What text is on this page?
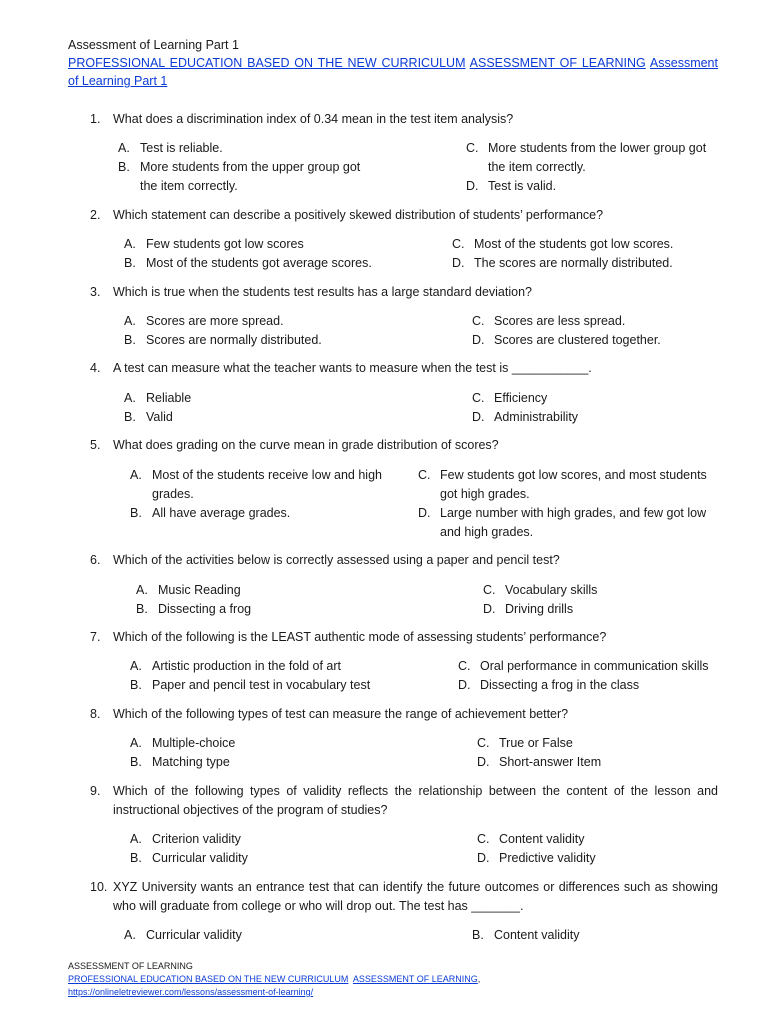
Assessment of Learning Part 1
PROFESSIONAL EDUCATION BASED ON THE NEW CURRICULUM ASSESSMENT OF LEARNING Assessment of Learning Part 1
1.	What does a discrimination index of 0.34 mean in the test item analysis?
A. Test is reliable.
B. More students from the upper group got
the item correctly.
C. More students from the lower group got
the item correctly.
D. Test is valid.
2.	Which statement can describe a positively skewed distribution of students’ performance?
A. Few students got low scores
B. Most of the students got average scores.
C. Most of the students got low scores.
D. The scores are normally distributed.
3.	Which is true when the students test results has a large standard deviation?
A. Scores are more spread.
B. Scores are normally distributed.
C. Scores are less spread.
D. Scores are clustered together.
4.	A test can measure what the teacher wants to measure when the test is ___________.
A. Reliable
B. Valid
C. Efficiency
D. Administrability
5.	What does grading on the curve mean in grade distribution of scores?
A. Most of the students receive low and high
grades.
B. All have average grades.
C. Few students got low scores, and most students
got high grades.
D. Large number with high grades, and few got low
and high grades.
6.	Which of the activities below is correctly assessed using a paper and pencil test?
A. Music Reading
B. Dissecting a frog
C. Vocabulary skills
D. Driving drills
7.	Which of the following is the LEAST authentic mode of assessing students’ performance?
A. Artistic production in the fold of art
B. Paper and pencil test in vocabulary test
C. Oral performance in communication skills
D. Dissecting a frog in the class
8.	Which of the following types of test can measure the range of achievement better?
A. Multiple-choice
B. Matching type
C. True or False
D. Short-answer Item
9.	Which of the following types of validity reflects the relationship between the content of the lesson and instructional objectives of the program of studies?
A. Criterion validity
B. Curricular validity
C. Content validity
D. Predictive validity
10. XYZ University wants an entrance test that can identify the future outcomes or differences such as showing who will graduate from college or who will drop out. The test has _______.
A. Curricular validity	B. Content validity
ASSESSMENT OF LEARNING
PROFESSIONAL EDUCATION BASED ON THE NEW CURRICULUM ASSESSMENT OF LEARNING,
https://onlineletreviewer.com/lessons/assessment-of-learning/
